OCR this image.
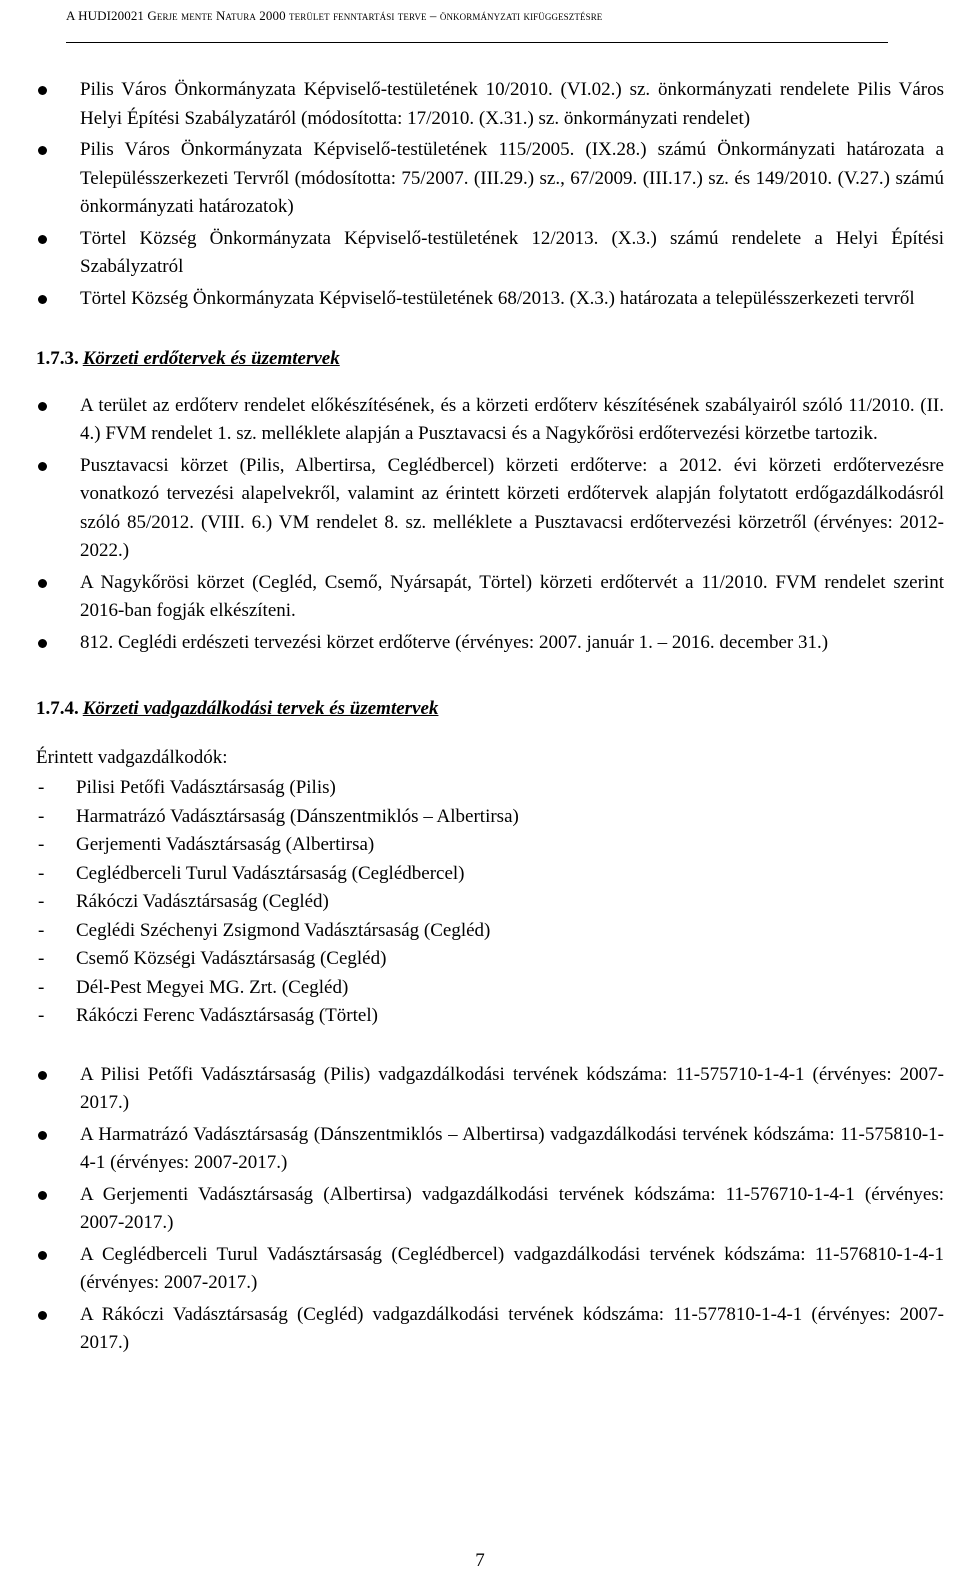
A HUDI20021 Gerje mente Natura 2000 terület fenntartási terve – önkormányzati kifüggesztésre
Pilis Város Önkormányzata Képviselő-testületének 10/2010. (VI.02.) sz. önkormányzati rendelete Pilis Város Helyi Építési Szabályzatáról (módosította: 17/2010. (X.31.) sz. önkormányzati rendelet)
Pilis Város Önkormányzata Képviselő-testületének 115/2005. (IX.28.) számú Önkormányzati határozata a Településszerkezeti Tervről (módosította: 75/2007. (III.29.) sz., 67/2009. (III.17.) sz. és 149/2010. (V.27.) számú önkormányzati határozatok)
Törtel Község Önkormányzata Képviselő-testületének 12/2013. (X.3.) számú rendelete a Helyi Építési Szabályzatról
Törtel Község Önkormányzata Képviselő-testületének 68/2013. (X.3.) határozata a településszerkezeti tervről

1.7.3. Körzeti erdőtervek és üzemtervek

A terület az erdőterv rendelet előkészítésének, és a körzeti erdőterv készítésének szabályairól szóló 11/2010. (II. 4.) FVM rendelet 1. sz. melléklete alapján a Pusztavacsi és a Nagykőrösi erdőtervezési körzetbe tartozik.
Pusztavacsi körzet (Pilis, Albertirsa, Ceglédbercel) körzeti erdőterve: a 2012. évi körzeti erdőtervezésre vonatkozó tervezési alapelvekről, valamint az érintett körzeti erdőtervek alapján folytatott erdőgazdálkodásról szóló 85/2012. (VIII. 6.) VM rendelet 8. sz. melléklete a Pusztavacsi erdőtervezési körzetről (érvényes: 2012-2022.)
A Nagykőrösi körzet (Cegléd, Csemő, Nyársapát, Törtel) körzeti erdőtervét a 11/2010. FVM rendelet szerint 2016-ban fogják elkészíteni.
812. Ceglédi erdészeti tervezési körzet erdőterve (érvényes: 2007. január 1. – 2016. december 31.)

1.7.4. Körzeti vadgazdálkodási tervek és üzemtervek

Érintett vadgazdálkodók:

- Pilisi Petőfi Vadásztársaság (Pilis)
- Harmatrázó Vadásztársaság (Dánszentmiklós – Albertirsa)
- Gerjementi Vadásztársaság (Albertirsa)
- Ceglédberceli Turul Vadásztársaság (Ceglédbercel)
- Rákóczi Vadásztársaság (Cegléd)
- Ceglédi Széchenyi Zsigmond Vadásztársaság (Cegléd)
- Csemő Községi Vadásztársaság (Cegléd)
- Dél-Pest Megyei MG. Zrt. (Cegléd)
- Rákóczi Ferenc Vadásztársaság (Törtel)
A Pilisi Petőfi Vadásztársaság (Pilis) vadgazdálkodási tervének kódszáma: 11-575710-1-4-1 (érvényes: 2007-2017.)
A Harmatrázó Vadásztársaság (Dánszentmiklós – Albertirsa) vadgazdálkodási tervének kódszáma: 11-575810-1-4-1 (érvényes: 2007-2017.)
A Gerjementi Vadásztársaság (Albertirsa) vadgazdálkodási tervének kódszáma: 11-576710-1-4-1 (érvényes: 2007-2017.)
A Ceglédberceli Turul Vadásztársaság (Ceglédbercel) vadgazdálkodási tervének kódszáma: 11-576810-1-4-1 (érvényes: 2007-2017.)
A Rákóczi Vadásztársaság (Cegléd) vadgazdálkodási tervének kódszáma: 11-577810-1-4-1 (érvényes: 2007-2017.)
7
